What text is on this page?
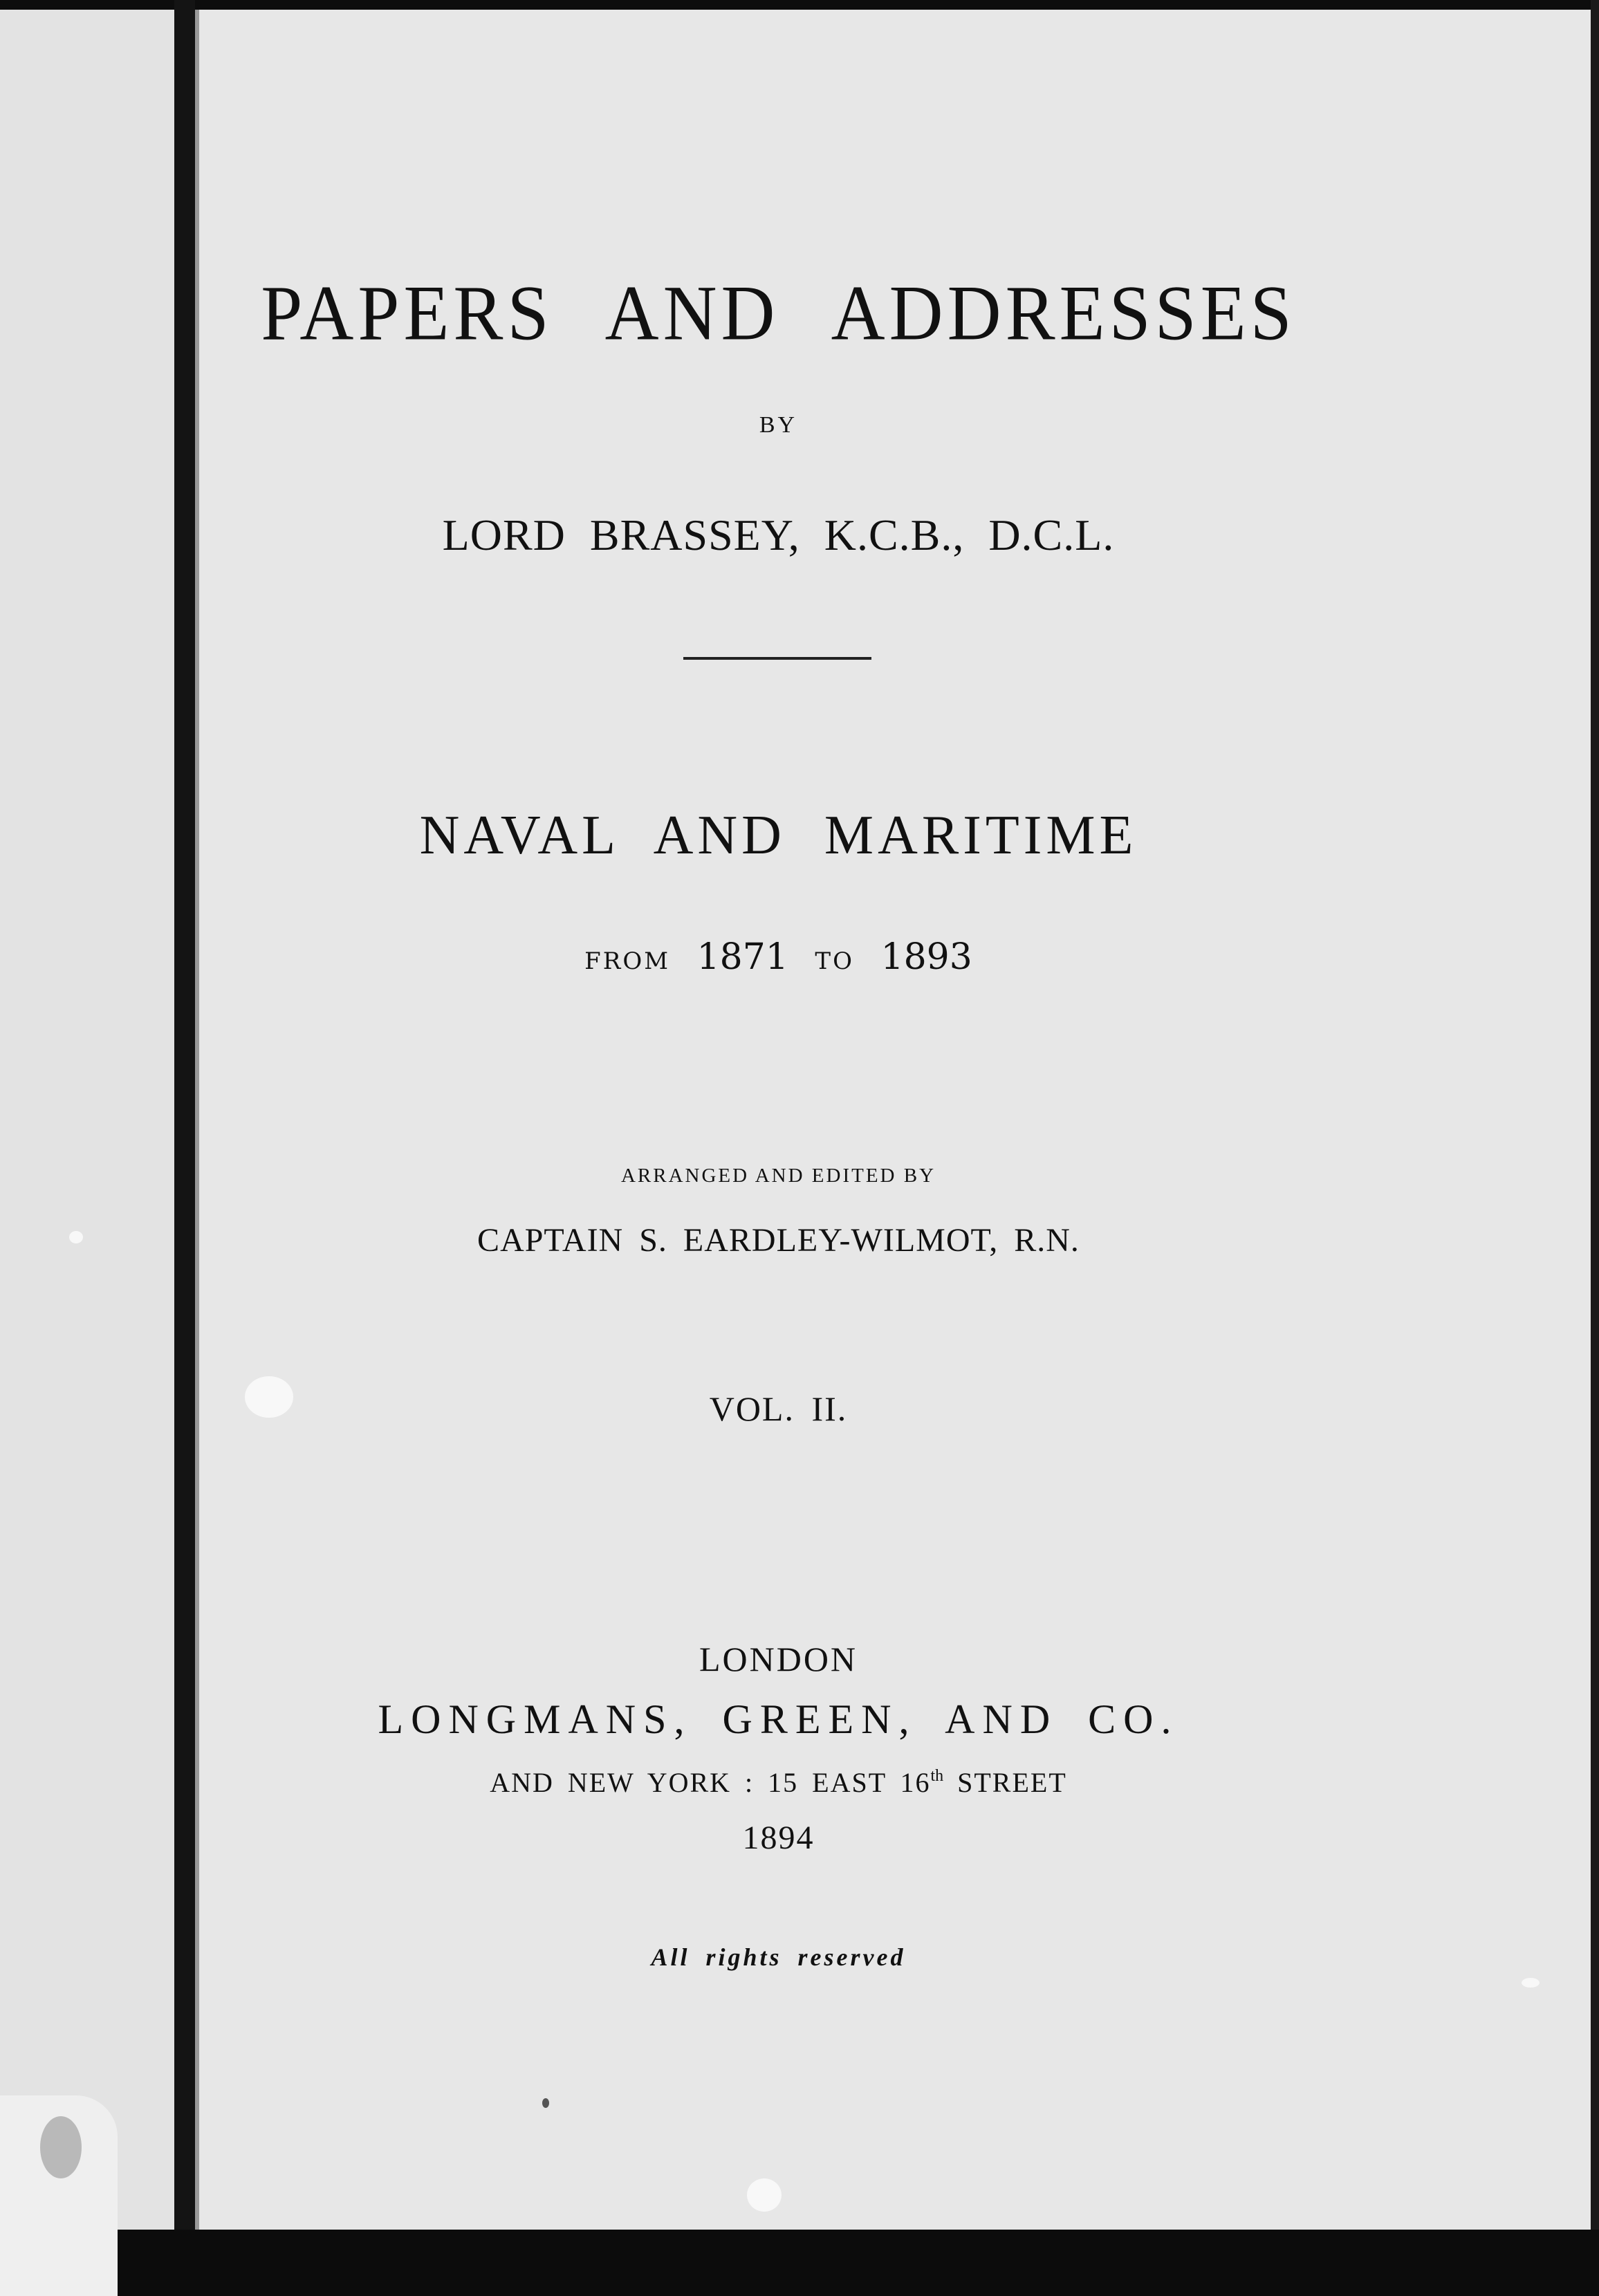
PAPERS AND ADDRESSES
BY
LORD BRASSEY, K.C.B., D.C.L.
NAVAL AND MARITIME
FROM 1871 TO 1893
ARRANGED AND EDITED BY
CAPTAIN S. EARDLEY-WILMOT, R.N.
VOL. II.
LONDON
LONGMANS, GREEN, AND CO.
AND NEW YORK : 15 EAST 16th STREET
1894
All rights reserved
